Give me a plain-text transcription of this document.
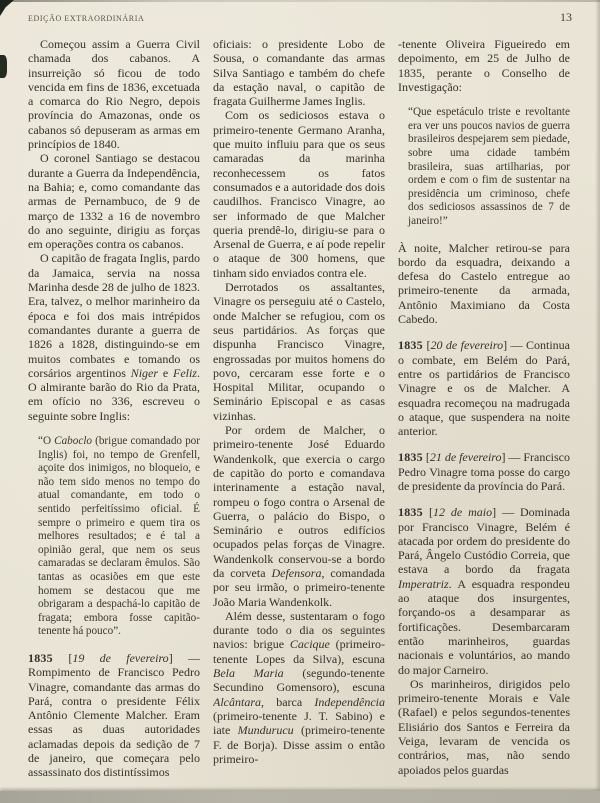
EDIÇÃO EXTRAORDINÁRIA	13

Começou assim a Guerra Civil chamada dos cabanos. A insurreição só ficou de todo vencida em fins de 1836, excetuada a comarca do Rio Negro, depois província do Amazonas, onde os cabanos só depuseram as armas em princípios de 1840.

O coronel Santiago se destacou durante a Guerra da Independência, na Bahia; e, como comandante das armas de Pernambuco, de 9 de março de 1332 a 16 de novembro do ano seguinte, dirigiu as forças em operações contra os cabanos.

O capitão de fragata Inglis, pardo da Jamaica, servia na nossa Marinha desde 28 de julho de 1823. Era, talvez, o melhor marinheiro da época e foi dos mais intrépidos comandantes durante a guerra de 1826 a 1828, distinguindo-se em muitos combates e tomando os corsários argentinos Niger e Feliz. O almirante barão do Rio da Prata, em ofício no 336, escreveu o seguinte sobre Inglis:

“O Caboclo (brigue comandado por Inglis) foi, no tempo de Grenfell, açoite dos inimigos, no bloqueio, e não tem sido menos no tempo do atual comandante, em todo o sentido perfeitíssimo oficial. É sempre o primeiro e quem tira os melhores resultados; e é tal a opinião geral, que nem os seus camaradas se declaram êmulos. São tantas as ocasiões em que este homem se destacou que me obrigaram a despachá-lo capitão de fragata; embora fosse capitão-tenente há pouco”.

1835 [19 de fevereiro] — Rompimento de Francisco Pedro Vinagre, comandante das armas do Pará, contra o presidente Félix Antônio Clemente Malcher. Eram essas as duas autoridades aclamadas depois da sedição de 7 de janeiro, que começara pelo assassinato dos distintíssimos

oficiais: o presidente Lobo de Sousa, o comandante das armas Silva Santiago e também do chefe da estação naval, o capitão de fragata Guilherme James Inglis.

Com os sediciosos estava o primeiro-tenente Germano Aranha, que muito influiu para que os seus camaradas da marinha reconhecessem os fatos consumados e a autoridade dos dois caudilhos. Francisco Vinagre, ao ser informado de que Malcher queria prendê-lo, dirigiu-se para o Arsenal de Guerra, e aí pode repelir o ataque de 300 homens, que tinham sido enviados contra ele.

Derrotados os assaltantes, Vinagre os perseguiu até o Castelo, onde Malcher se refugiou, com os seus partidários. As forças que dispunha Francisco Vinagre, engrossadas por muitos homens do povo, cercaram esse forte e o Hospital Militar, ocupando o Seminário Episcopal e as casas vizinhas.

Por ordem de Malcher, o primeiro-tenente José Eduardo Wandenkolk, que exercia o cargo de capitão do porto e comandava interinamente a estação naval, rompeu o fogo contra o Arsenal de Guerra, o palácio do Bispo, o Seminário e outros edifícios ocupados pelas forças de Vinagre. Wandenkolk conservou-se a bordo da corveta Defensora, comandada por seu irmão, o primeiro-tenente João Maria Wandenkolk.

Além desse, sustentaram o fogo durante todo o dia os seguintes navios: brigue Cacique (primeiro-tenente Lopes da Silva), escuna Bela Maria (segundo-tenente Secundino Gomensoro), escuna Alcântara, barca Independência (primeiro-tenente J. T. Sabino) e iate Mundurucu (primeiro-tenente F. de Borja). Disse assim o então primeiro-

-tenente Oliveira Figueiredo em depoimento, em 25 de Julho de 1835, perante o Conselho de Investigação:

“Que espetáculo triste e revoltante era ver uns poucos navios de guerra brasileiros despejarem sem piedade, sobre uma cidade também brasileira, suas artilharias, por ordem e com o fim de sustentar na presidência um criminoso, chefe dos sediciosos assassinos de 7 de janeiro!”

À noite, Malcher retirou-se para bordo da esquadra, deixando a defesa do Castelo entregue ao primeiro-tenente da armada, Antônio Maximiano da Costa Cabedo.

1835 [20 de fevereiro] — Continua o combate, em Belém do Pará, entre os partidários de Francisco Vinagre e os de Malcher. A esquadra recomeçou na madrugada o ataque, que suspendera na noite anterior.

1835 [21 de fevereiro] — Francisco Pedro Vinagre toma posse do cargo de presidente da província do Pará.

1835 [12 de maio] — Dominada por Francisco Vinagre, Belém é atacada por ordem do presidente do Pará, Ângelo Custódio Correia, que estava a bordo da fragata Imperatriz. A esquadra respondeu ao ataque dos insurgentes, forçando-os a desamparar as fortificações. Desembarcaram então marinheiros, guardas nacionais e voluntários, ao mando do major Carneiro.

Os marinheiros, dirigidos pelo primeiro-tenente Morais e Vale (Rafael) e pelos segundos-tenentes Elisiário dos Santos e Ferreira da Veiga, levaram de vencida os contrários, mas, não sendo apoiados pelos guardas
